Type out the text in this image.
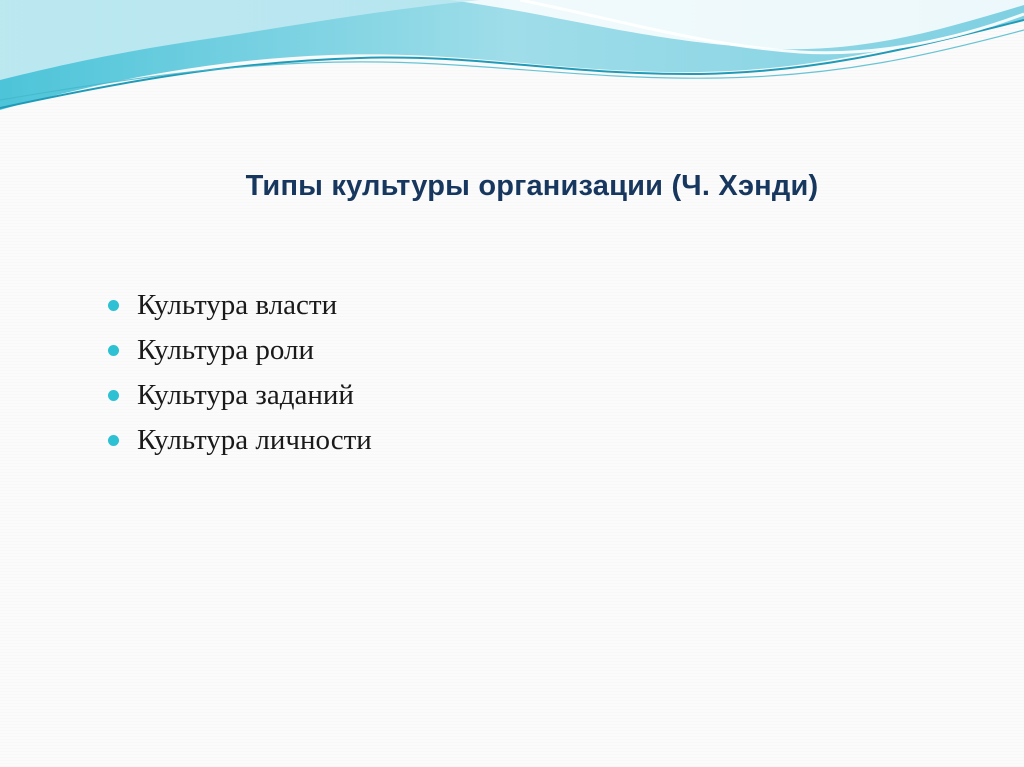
Типы культуры организации (Ч. Хэнди)
Культура власти
Культура роли
Культура заданий
Культура личности
